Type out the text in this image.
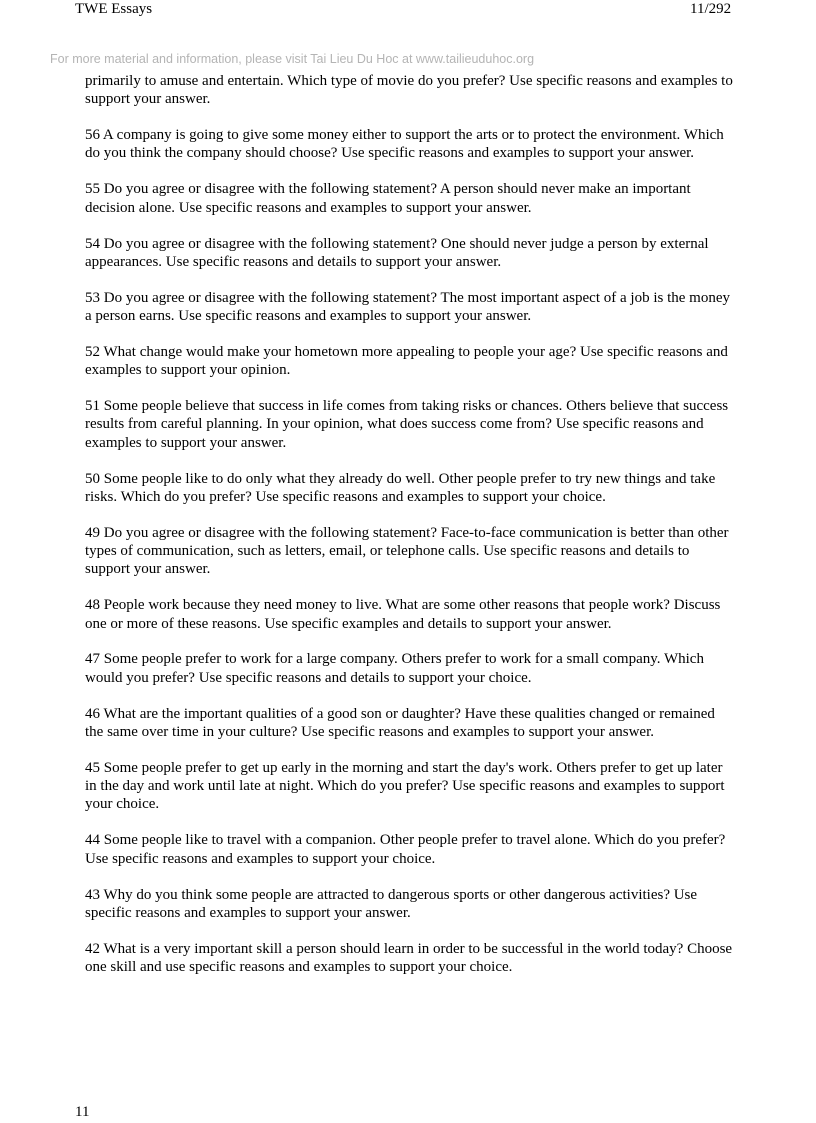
TWE Essays	11/292
For more material and information, please visit Tai Lieu Du Hoc at www.tailieuduhoc.org

primarily to amuse and entertain. Which type of movie do you prefer? Use specific reasons and examples to support your answer.

56 A company is going to give some money either to support the arts or to protect the environment. Which do you think the company should choose? Use specific reasons and examples to support your answer.

55 Do you agree or disagree with the following statement? A person should never make an important decision alone. Use specific reasons and examples to support your answer.

54 Do you agree or disagree with the following statement? One should never judge a person by external appearances. Use specific reasons and details to support your answer.

53 Do you agree or disagree with the following statement? The most important aspect of a job is the money a person earns. Use specific reasons and examples to support your answer.

52 What change would make your hometown more appealing to people your age? Use specific reasons and examples to support your opinion.

51 Some people believe that success in life comes from taking risks or chances. Others believe that success results from careful planning. In your opinion, what does success come from? Use specific reasons and examples to support your answer.

50 Some people like to do only what they already do well. Other people prefer to try new things and take risks. Which do you prefer? Use specific reasons and examples to support your choice.

49 Do you agree or disagree with the following statement? Face-to-face communication is better than other types of communication, such as letters, email, or telephone calls. Use specific reasons and details to support your answer.

48 People work because they need money to live. What are some other reasons that people work? Discuss one or more of these reasons. Use specific examples and details to support your answer.

47 Some people prefer to work for a large company. Others prefer to work for a small company. Which would you prefer? Use specific reasons and details to support your choice.

46 What are the important qualities of a good son or daughter? Have these qualities changed or remained the same over time in your culture? Use specific reasons and examples to support your answer.

45 Some people prefer to get up early in the morning and start the day's work. Others prefer to get up later in the day and work until late at night. Which do you prefer? Use specific reasons and examples to support your choice.

44 Some people like to travel with a companion. Other people prefer to travel alone. Which do you prefer? Use specific reasons and examples to support your choice.

43 Why do you think some people are attracted to dangerous sports or other dangerous activities? Use specific reasons and examples to support your answer.

42 What is a very important skill a person should learn in order to be successful in the world today? Choose one skill and use specific reasons and examples to support your choice.

11
